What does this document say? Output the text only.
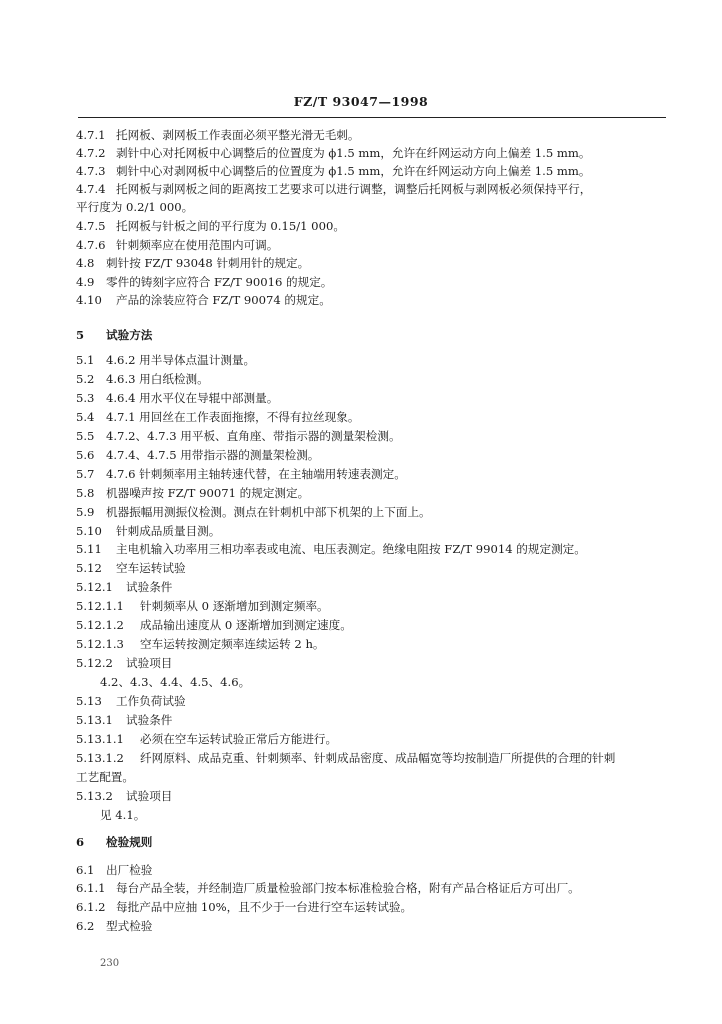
FZ/T 93047—1998
4.7.1 托网板、剥网板工作表面必须平整光滑无毛刺。
4.7.2 剥针中心对托网板中心调整后的位置度为 ϕ1.5 mm，允许在纤网运动方向上偏差 1.5 mm。
4.7.3 刺针中心对剥网板中心调整后的位置度为 ϕ1.5 mm，允许在纤网运动方向上偏差 1.5 mm。
4.7.4 托网板与剥网板之间的距离按工艺要求可以进行调整，调整后托网板与剥网板必须保持平行，
平行度为 0.2/1 000。
4.7.5 托网板与针板之间的平行度为 0.15/1 000。
4.7.6 针刺频率应在使用范围内可调。
4.8 刺针按 FZ/T 93048 针刺用针的规定。
4.9 零件的铸刻字应符合 FZ/T 90016 的规定。
4.10 产品的涂装应符合 FZ/T 90074 的规定。
5 试验方法
5.1 4.6.2 用半导体点温计测量。
5.2 4.6.3 用白纸检测。
5.3 4.6.4 用水平仪在导辊中部测量。
5.4 4.7.1 用回丝在工作表面拖擦，不得有拉丝现象。
5.5 4.7.2、4.7.3 用平板、直角座、带指示器的测量架检测。
5.6 4.7.4、4.7.5 用带指示器的测量架检测。
5.7 4.7.6 针刺频率用主轴转速代替，在主轴端用转速表测定。
5.8 机器噪声按 FZ/T 90071 的规定测定。
5.9 机器振幅用测振仪检测。测点在针刺机中部下机架的上下面上。
5.10 针刺成品质量目测。
5.11 主电机输入功率用三相功率表或电流、电压表测定。绝缘电阻按 FZ/T 99014 的规定测定。
5.12 空车运转试验
5.12.1 试验条件
5.12.1.1 针刺频率从 0 逐渐增加到测定频率。
5.12.1.2 成品输出速度从 0 逐渐增加到测定速度。
5.12.1.3 空车运转按测定频率连续运转 2 h。
5.12.2 试验项目
4.2、4.3、4.4、4.5、4.6。
5.13 工作负荷试验
5.13.1 试验条件
5.13.1.1 必须在空车运转试验正常后方能进行。
5.13.1.2 纤网原料、成品克重、针刺频率、针刺成品密度、成品幅宽等均按制造厂所提供的合理的针刺
工艺配置。
5.13.2 试验项目
见 4.1。
6 检验规则
6.1 出厂检验
6.1.1 每台产品全装，并经制造厂质量检验部门按本标准检验合格，附有产品合格证后方可出厂。
6.1.2 每批产品中应抽 10%，且不少于一台进行空车运转试验。
6.2 型式检验
230
